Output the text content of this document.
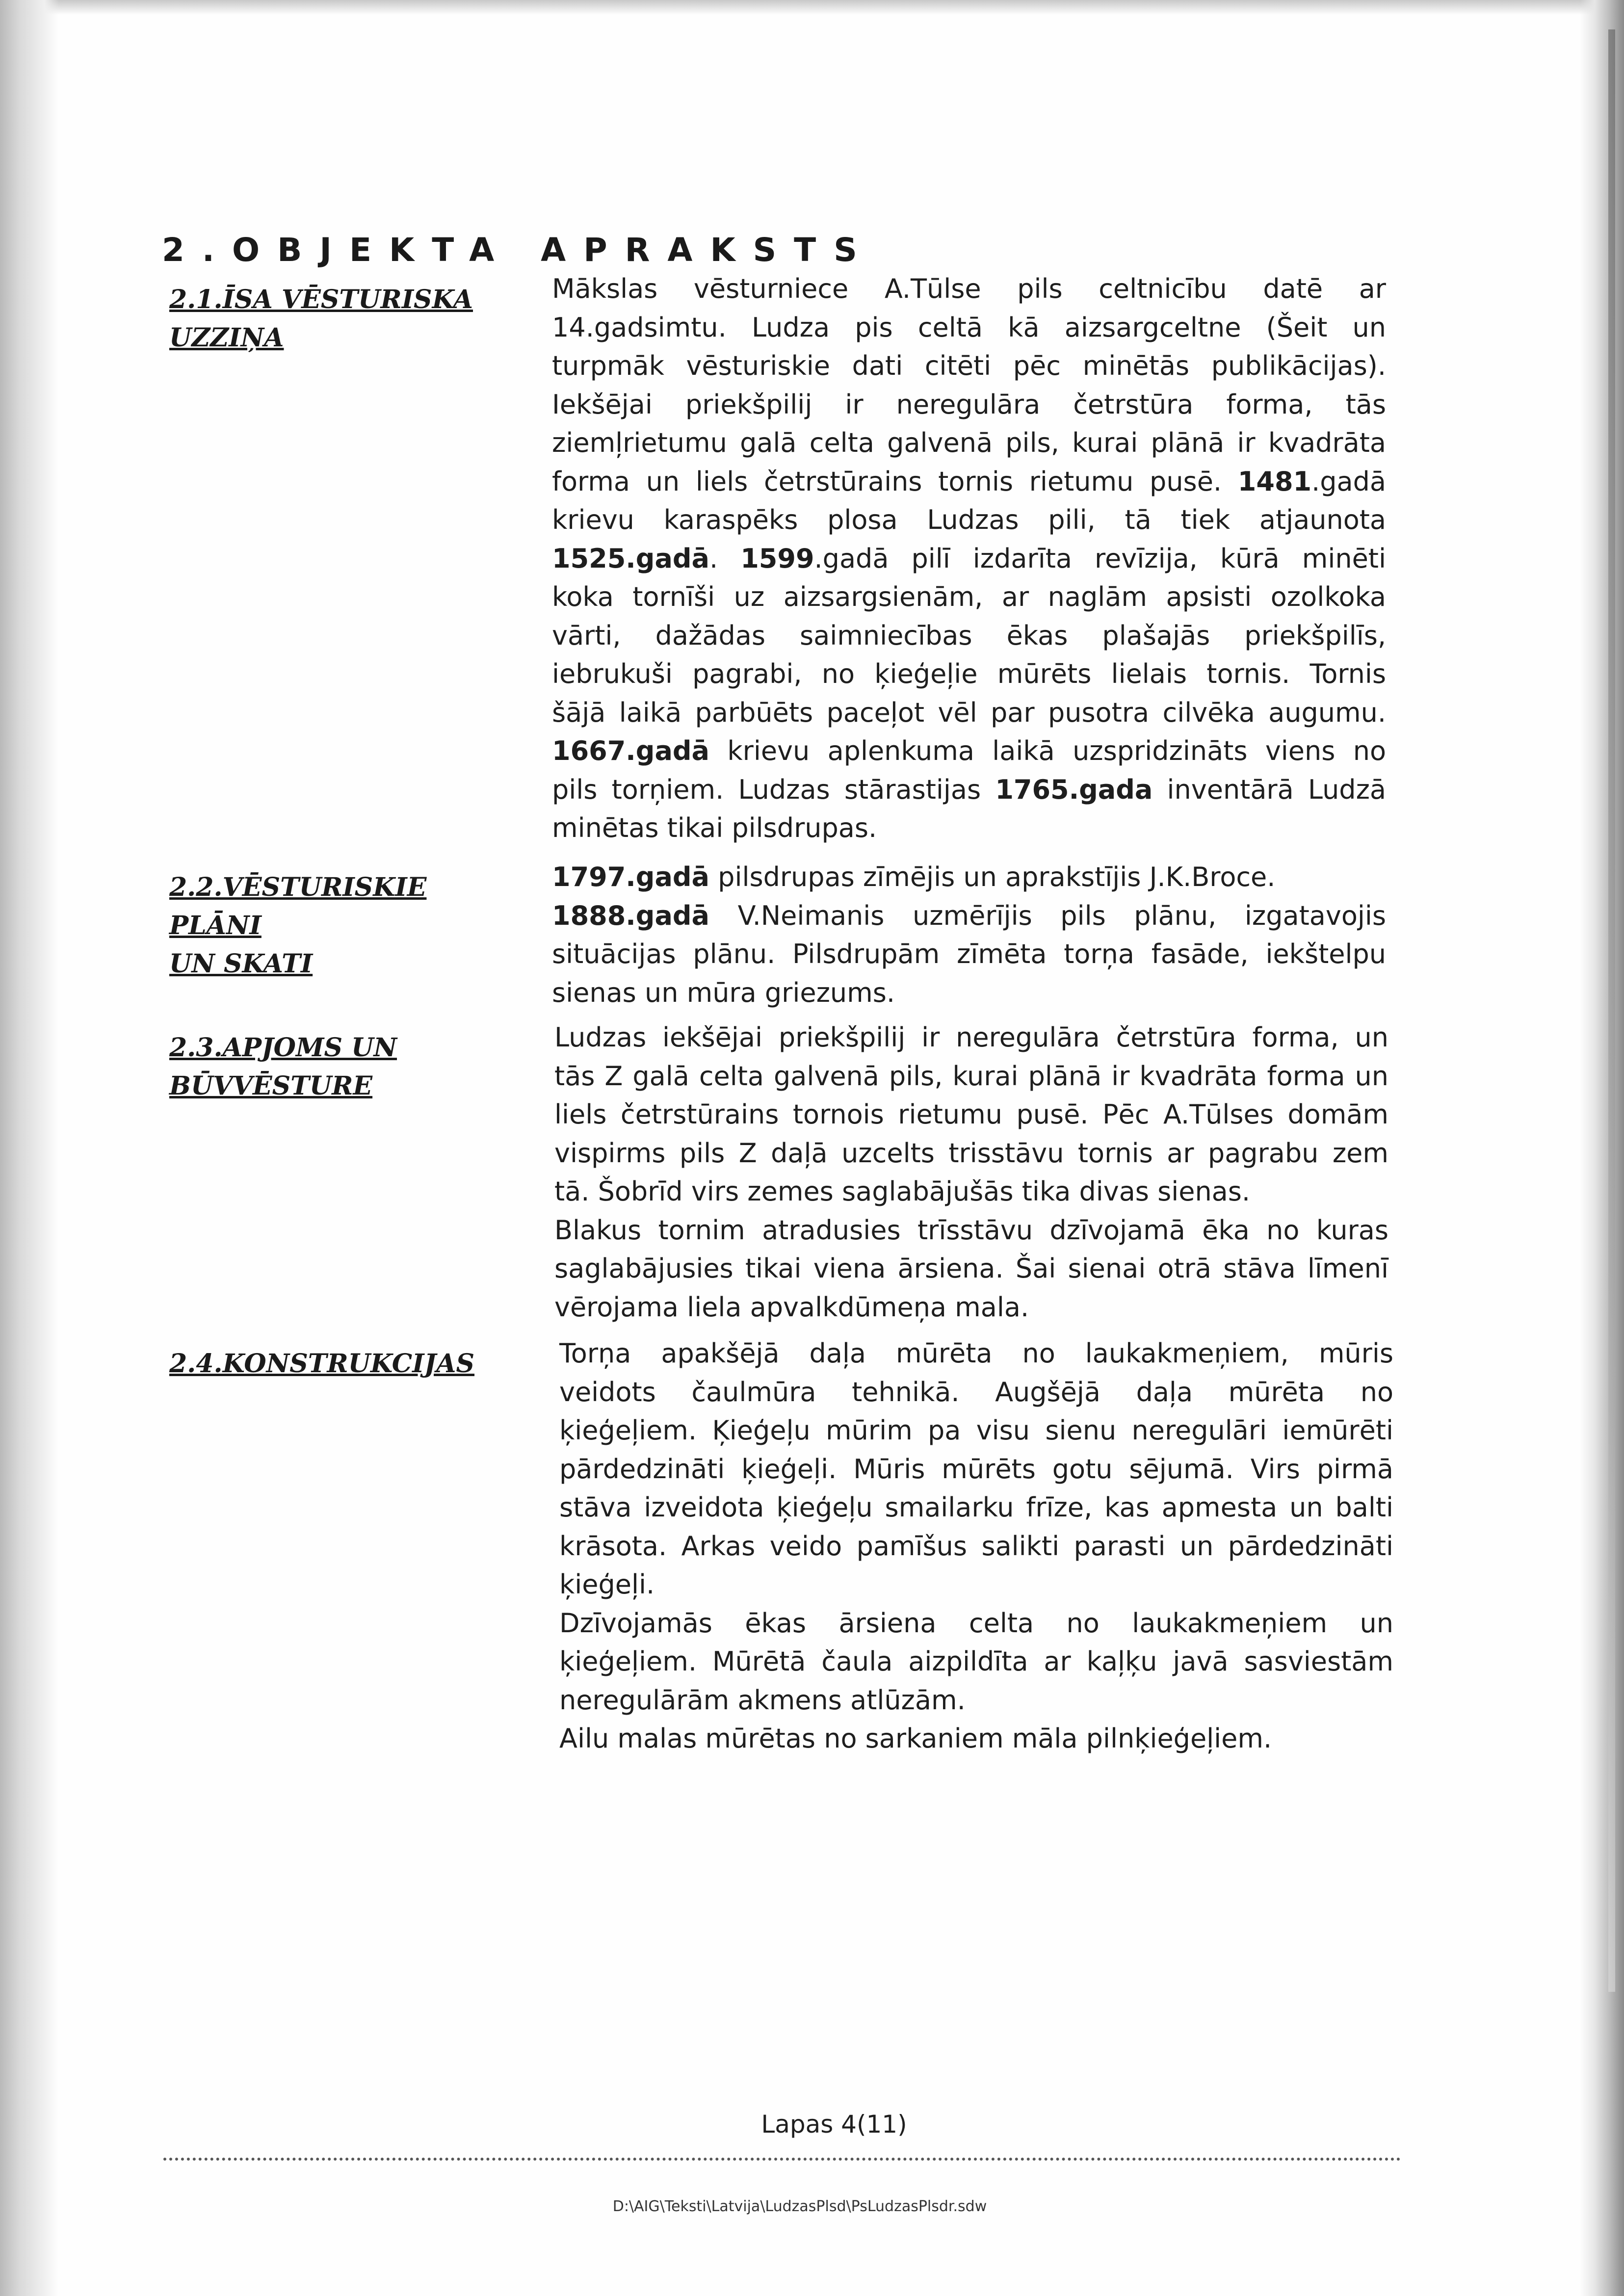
2.OBJEKTA APRAKSTS
2.1.ĪSA VĒSTURISKA
UZZIŅA

Mākslas vēsturniece A.Tūlse pils celtnicību datē ar
14.gadsimtu. Ludza pis celtā kā aizsargceltne (Šeit un
turpmāk vēsturiskie dati citēti pēc minētās publikācijas).
Iekšējai priekšpilij ir neregulāra četrstūra forma, tās
ziemļrietumu galā celta galvenā pils, kurai plānā ir kvadrāta
forma un liels četrstūrains tornis rietumu pusē. 1481.gadā
krievu karaspēks plosa Ludzas pili, tā tiek atjaunota
1525.gadā. 1599.gadā pilī izdarīta revīzija, kūrā minēti
koka tornīši uz aizsargsienām, ar naglām apsisti ozolkoka
vārti, dažādas saimniecības ēkas plašajās priekšpilīs,
iebrukuši pagrabi, no ķieģeļie mūrēts lielais tornis. Tornis
šājā laikā parbūēts paceļot vēl par pusotra cilvēka augumu.
1667.gadā krievu aplenkuma laikā uzspridzināts viens no
pils torņiem. Ludzas stārastijas 1765.gada inventārā Ludzā
minētas tikai pilsdrupas.

2.2.VĒSTURISKIE PLĀNI
UN SKATI

1797.gadā pilsdrupas zīmējis un aprakstījis J.K.Broce.

1888.gadā V.Neimanis uzmērījis pils plānu, izgatavojis
situācijas plānu. Pilsdrupām zīmēta torņa fasāde, iekštelpu
sienas un mūra griezums.

2.3.APJOMS UN
BŪVVĒSTURE

Ludzas iekšējai priekšpilij ir neregulāra četrstūra forma, un
tās Z galā celta galvenā pils, kurai plānā ir kvadrāta forma un
liels četrstūrains tornois rietumu pusē. Pēc A.Tūlses domām
vispirms pils Z daļā uzcelts trisstāvu tornis ar pagrabu zem
tā. Šobrīd virs zemes saglabājušās tika divas sienas.

Blakus tornim atradusies trīsstāvu dzīvojamā ēka no kuras
saglabājusies tikai viena ārsiena. Šai sienai otrā stāva līmenī
vērojama liela apvalkdūmeņa mala.

2.4.KONSTRUKCIJAS	Torņa apakšējā daļa mūrēta no laukakmeņiem, mūris
veidots čaulmūra tehnikā. Augšējā daļa mūrēta no
ķieģeļiem. Ķieģeļu mūrim pa visu sienu neregulāri iemūrēti
pārdedzināti ķieģeļi. Mūris mūrēts gotu sējumā. Virs pirmā
stāva izveidota ķieģeļu smailarku frīze, kas apmesta un balti
krāsota. Arkas veido pamīšus salikti parasti un pārdedzināti
ķieģeļi.

Dzīvojamās ēkas ārsiena celta no laukakmeņiem un
ķieģeļiem. Mūrētā čaula aizpildīta ar kaļķu javā sasviestām
neregulārām akmens atlūzām.

Ailu malas mūrētas no sarkaniem māla pilnķieģeļiem.

Lapas 4(11)
D:\AIG\Teksti\Latvija\LudzasPlsd\PsLudzasPlsdr.sdw
